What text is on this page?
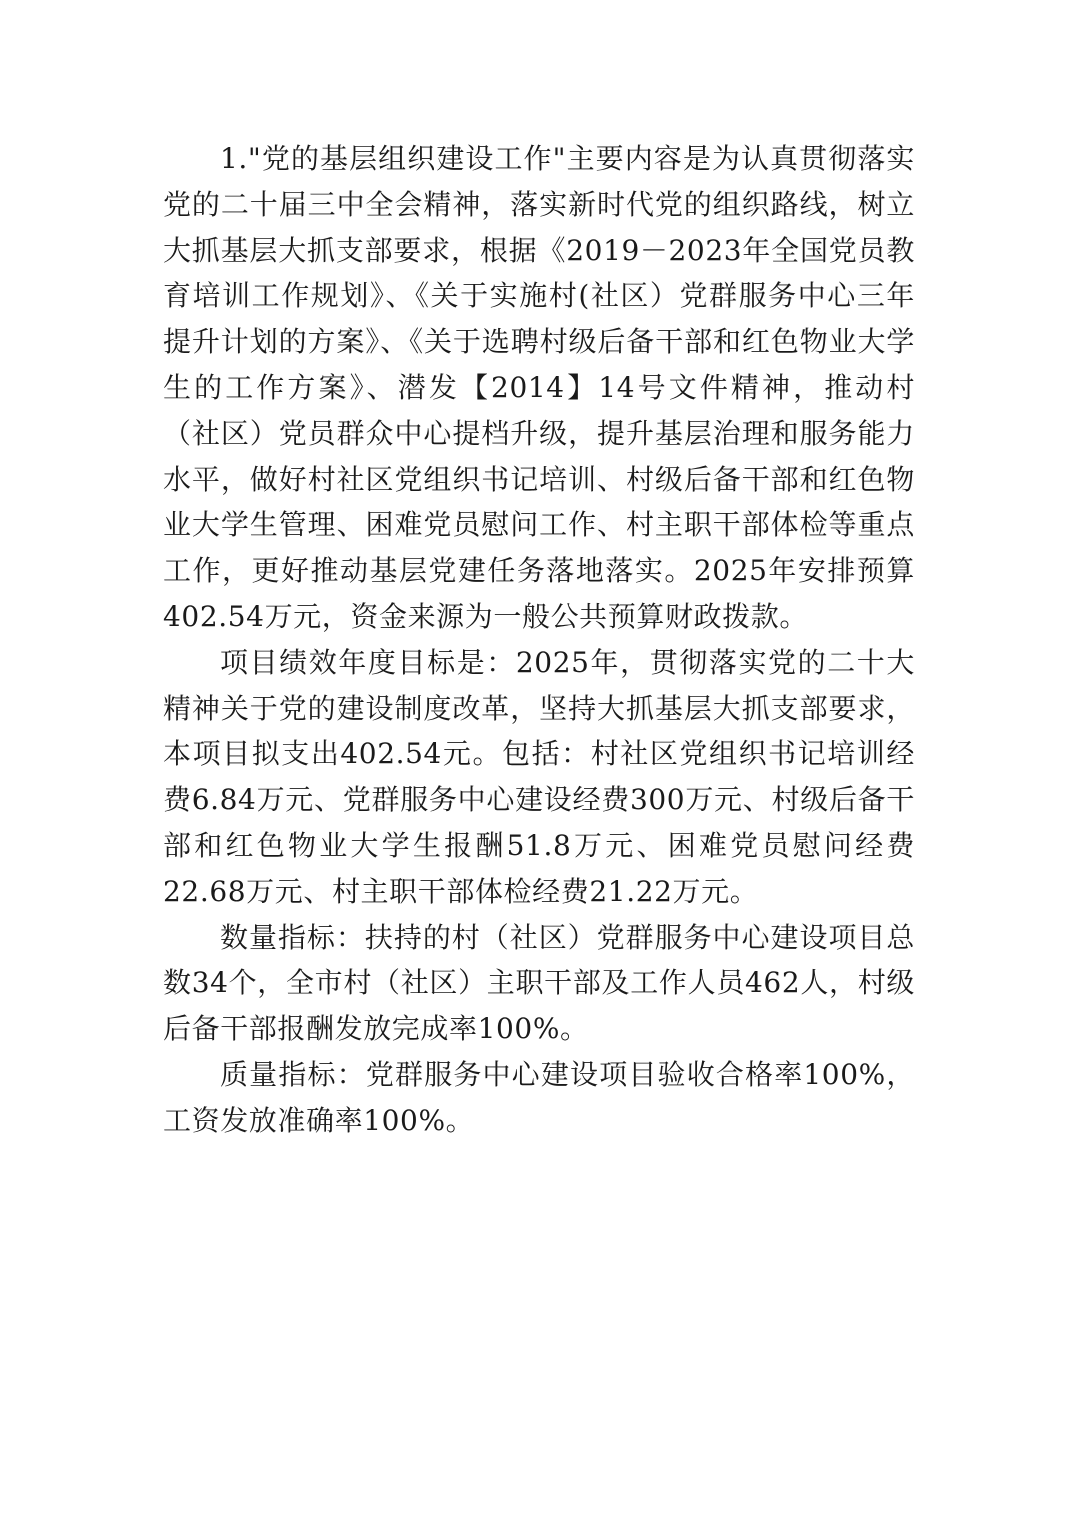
1."党的基层组织建设工作"主要内容是为认真贯彻落实党的二十届三中全会精神，落实新时代党的组织路线，树立大抓基层大抓支部要求，根据《2019－2023年全国党员教育培训工作规划》、《关于实施村(社区）党群服务中心三年提升计划的方案》、《关于选聘村级后备干部和红色物业大学生的工作方案》、潜发【2014】14号文件精神，推动村（社区）党员群众中心提档升级，提升基层治理和服务能力水平，做好村社区党组织书记培训、村级后备干部和红色物业大学生管理、困难党员慰问工作、村主职干部体检等重点工作，更好推动基层党建任务落地落实。2025年安排预算402.54万元，资金来源为一般公共预算财政拨款。

项目绩效年度目标是：2025年，贯彻落实党的二十大精神关于党的建设制度改革，坚持大抓基层大抓支部要求，本项目拟支出402.54元。包括：村社区党组织书记培训经费6.84万元、党群服务中心建设经费300万元、村级后备干部和红色物业大学生报酬51.8万元、困难党员慰问经费22.68万元、村主职干部体检经费21.22万元。

数量指标：扶持的村（社区）党群服务中心建设项目总数34个，全市村（社区）主职干部及工作人员462人，村级后备干部报酬发放完成率100%。

质量指标：党群服务中心建设项目验收合格率100%，工资发放准确率100%。
